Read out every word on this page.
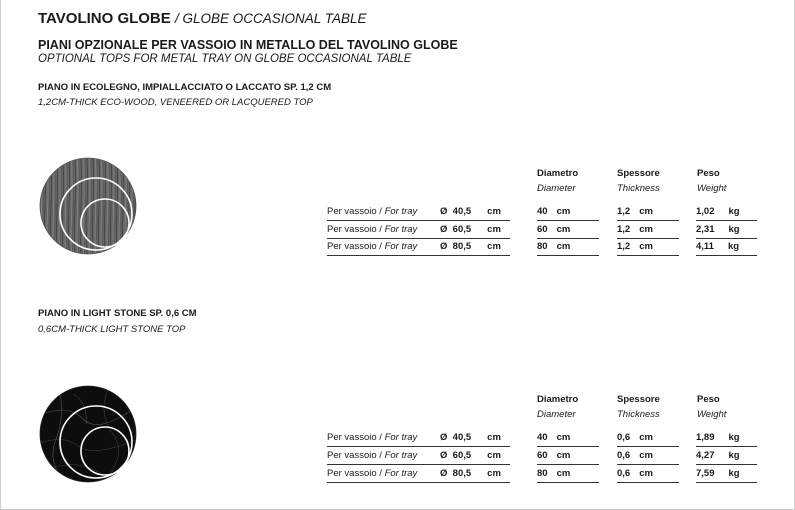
TAVOLINO GLOBE / GLOBE OCCASIONAL TABLE
PIANI OPZIONALE PER VASSOIO IN METALLO DEL TAVOLINO GLOBE
OPTIONAL TOPS FOR METAL TRAY ON GLOBE OCCASIONAL TABLE
PIANO IN ECOLEGNO, IMPIALLACCIATO O LACCATO SP. 1,2 CM
1,2CM-THICK ECO-WOOD, VENEERED OR LACQUERED TOP
Diametro
Diameter
Spessore
Thickness
Peso
Weight
Per vassoio / For tray Ø 40,5 cm	40 cm	1,2 cm	1,02 kg
Per vassoio / For tray Ø 60,5 cm	60 cm	1,2 cm	2,31 kg
Per vassoio / For tray Ø 80,5 cm	80 cm	1,2 cm	4,11 kg
PIANO IN LIGHT STONE SP. 0,6 CM
0,6CM-THICK LIGHT STONE TOP
Diametro
Diameter
Spessore
Thickness
Peso
Weight
Per vassoio / For tray Ø 40,5 cm	40 cm	0,6 cm	1,89 kg
Per vassoio / For tray Ø 60,5 cm	60 cm	0,6 cm	4,27 kg
Per vassoio / For tray Ø 80,5 cm	80 cm	0,6 cm	7,59 kg
